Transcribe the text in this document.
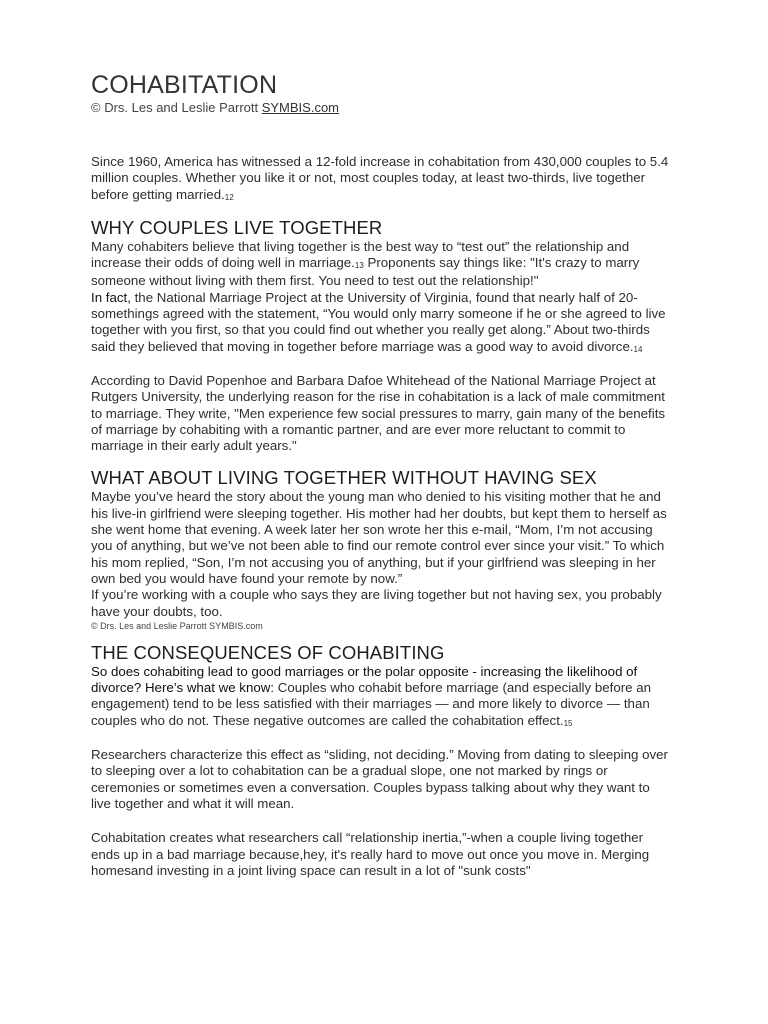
COHABITATION

© Drs. Les and Leslie Parrott SYMBIS.com

Since 1960, America has witnessed a 12-fold increase in cohabitation from 430,000 couples to 5.4 million couples. Whether you like it or not, most couples today, at least two-thirds, live together before getting married.12

WHY COUPLES LIVE TOGETHER

Many cohabiters believe that living together is the best way to “test out” the relationship and increase their odds of doing well in marriage.13 Proponents say things like: "It's crazy to marry someone without living with them first. You need to test out the relationship!"

In fact, the National Marriage Project at the University of Virginia, found that nearly half of 20-somethings agreed with the statement, “You would only marry someone if he or she agreed to live together with you first, so that you could find out whether you really get along.” About two-thirds said they believed that moving in together before marriage was a good way to avoid divorce.14

According to David Popenhoe and Barbara Dafoe Whitehead of the National Marriage Project at Rutgers University, the underlying reason for the rise in cohabitation is a lack of male commitment to marriage. They write, "Men experience few social pressures to marry, gain many of the benefits of marriage by cohabiting with a romantic partner, and are ever more reluctant to commit to marriage in their early adult years."

WHAT ABOUT LIVING TOGETHER WITHOUT HAVING SEX

Maybe you’ve heard the story about the young man who denied to his visiting mother that he and his live-in girlfriend were sleeping together. His mother had her doubts, but kept them to herself as she went home that evening. A week later her son wrote her this e-mail, “Mom, I’m not accusing you of anything, but we’ve not been able to find our remote control ever since your visit.” To which his mom replied, “Son, I’m not accusing you of anything, but if your girlfriend was sleeping in her own bed you would have found your remote by now.”

If you’re working with a couple who says they are living together but not having sex, you probably have your doubts, too.

© Drs. Les and Leslie Parrott SYMBIS.com

THE CONSEQUENCES OF COHABITING

So does cohabiting lead to good marriages or the polar opposite - increasing the likelihood of divorce? Here’s what we know: Couples who cohabit before marriage (and especially before an engagement) tend to be less satisfied with their marriages — and more likely to divorce — than couples who do not. These negative outcomes are called the cohabitation effect.15

Researchers characterize this effect as “sliding, not deciding.” Moving from dating to sleeping over to sleeping over a lot to cohabitation can be a gradual slope, one not marked by rings or ceremonies or sometimes even a conversation. Couples bypass talking about why they want to live together and what it will mean.

Cohabitation creates what researchers call “relationship inertia,”-when a couple living together ends up in a bad marriage because,hey, it's really hard to move out once you move in. Merging homesand investing in a joint living space can result in a lot of "sunk costs"
